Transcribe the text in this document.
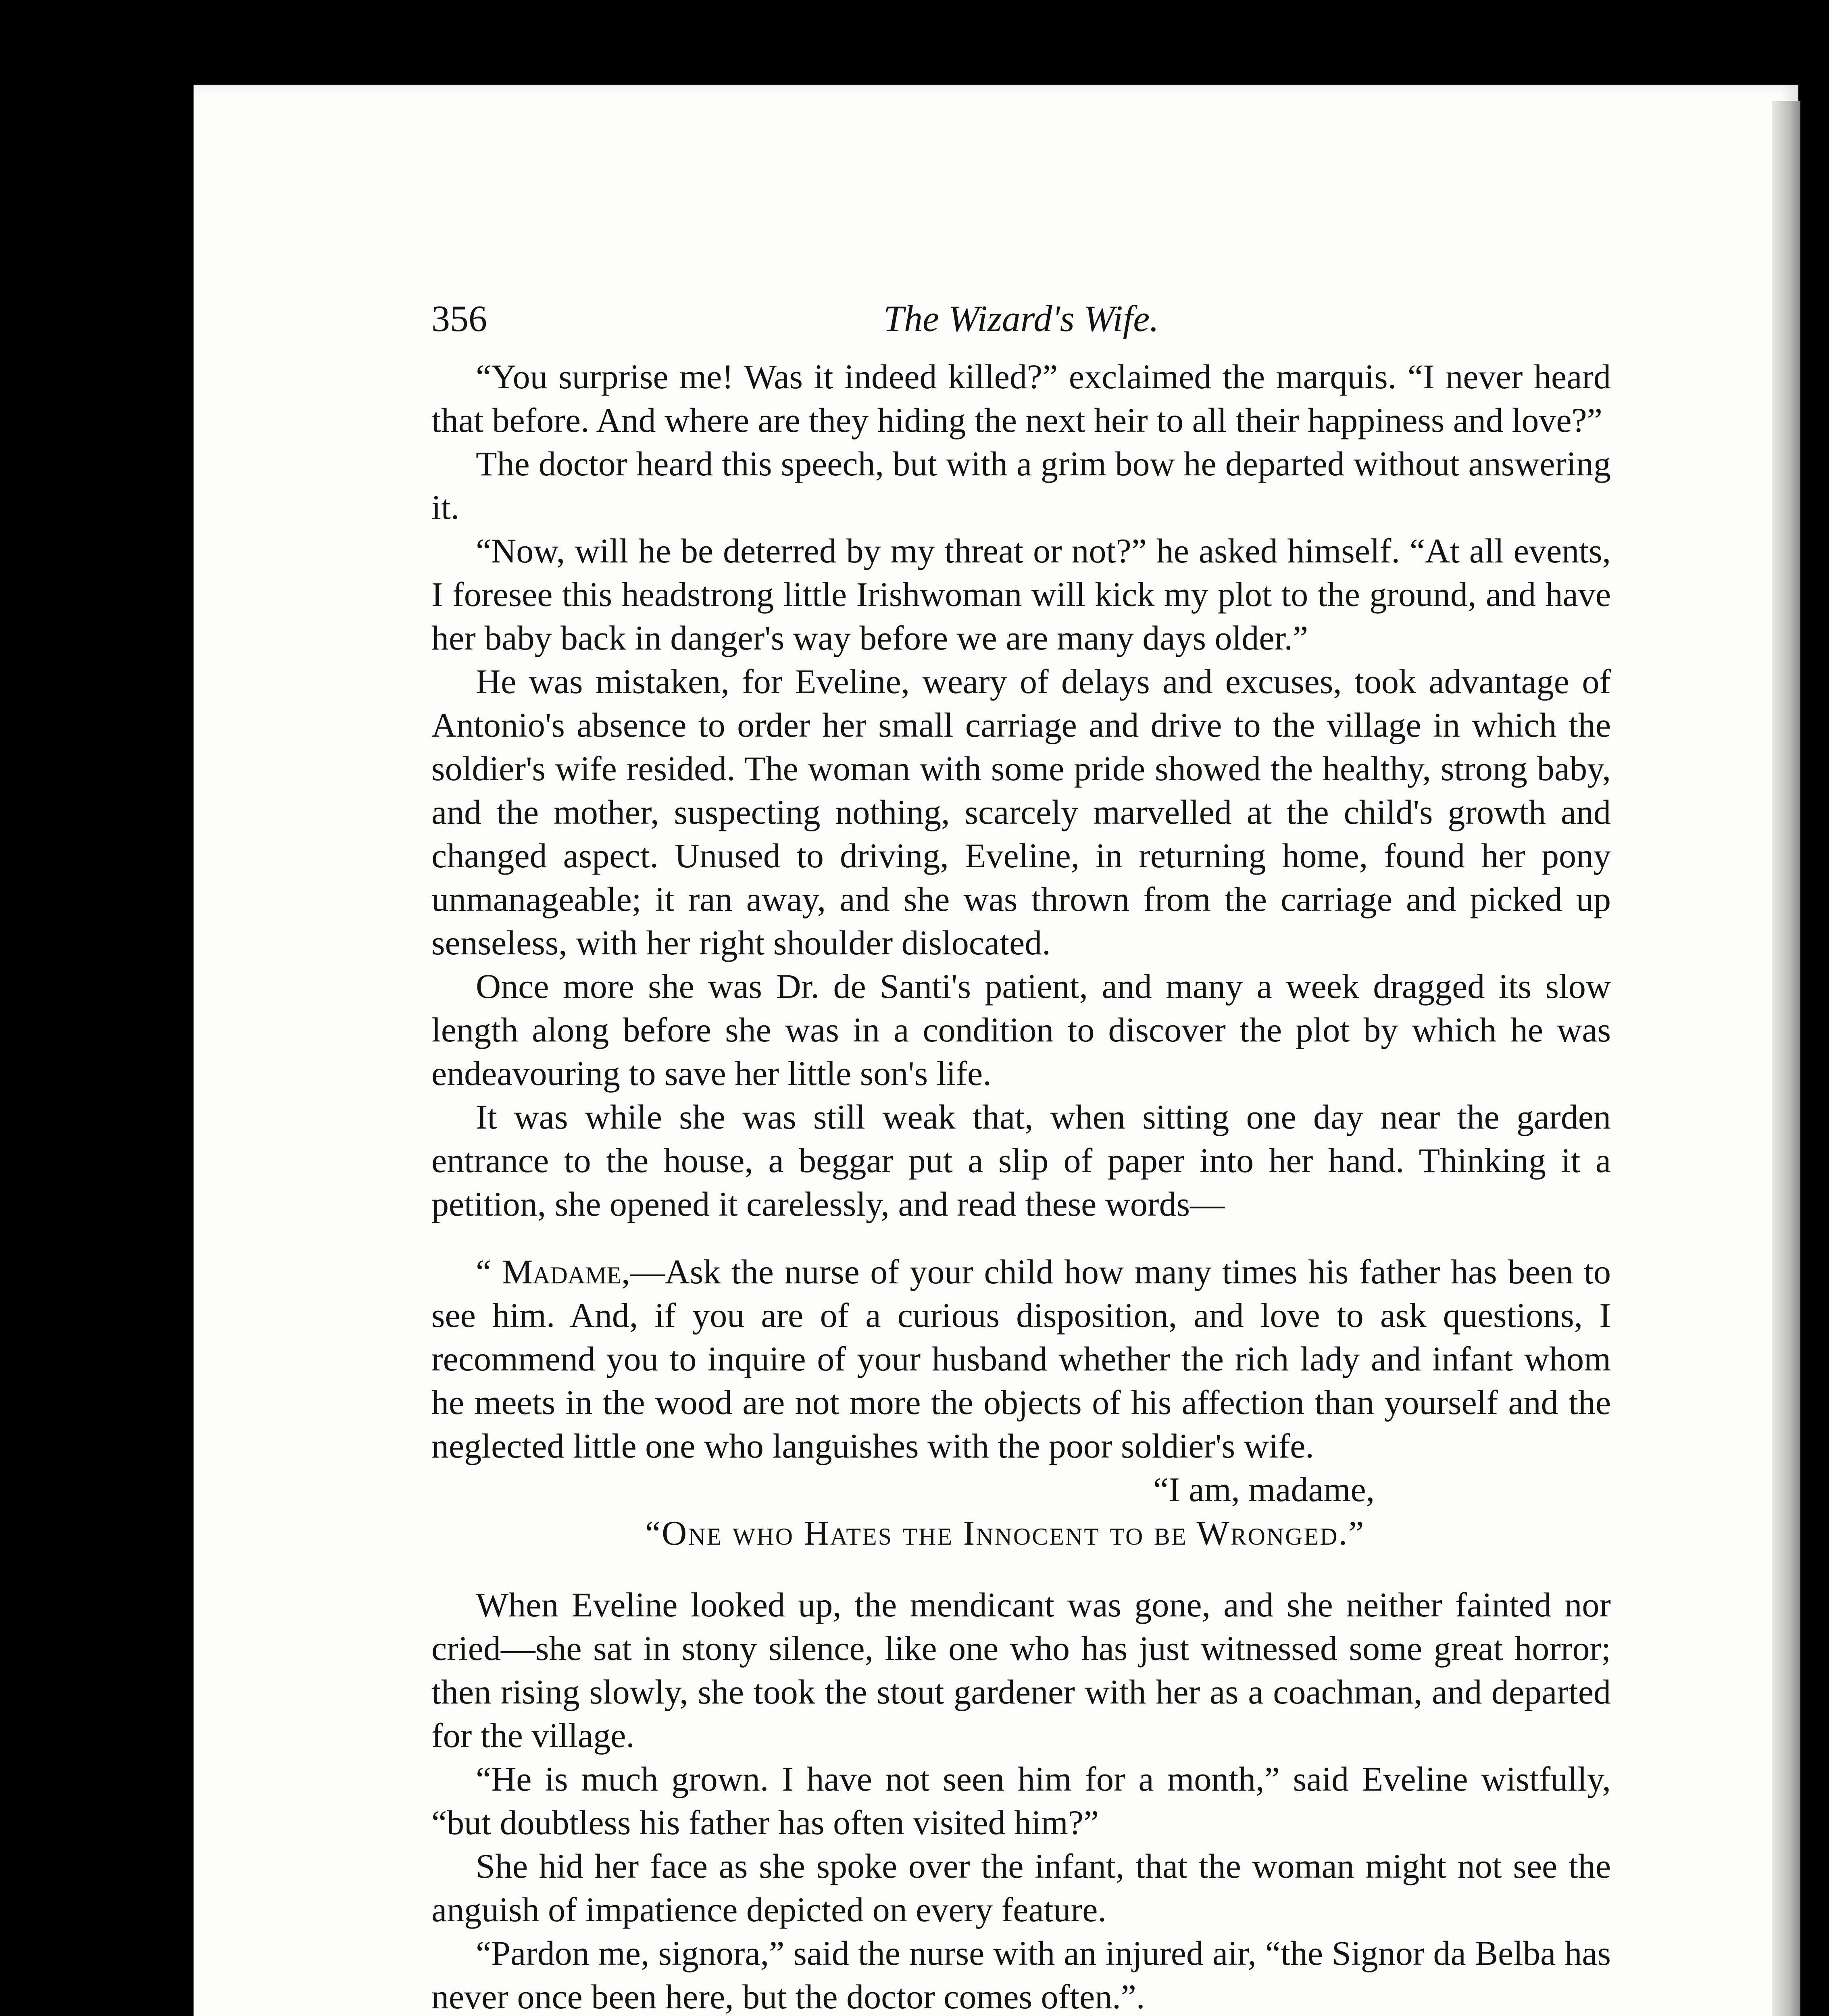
356	The Wizard's Wife.

“You surprise me! Was it indeed killed?” exclaimed the marquis. “I never heard that before. And where are they hiding the next heir to all their happiness and love?”

The doctor heard this speech, but with a grim bow he departed without answering it.

“Now, will he be deterred by my threat or not?” he asked himself. “At all events, I foresee this headstrong little Irishwoman will kick my plot to the ground, and have her baby back in danger's way before we are many days older.”

He was mistaken, for Eveline, weary of delays and excuses, took advantage of Antonio's absence to order her small carriage and drive to the village in which the soldier's wife resided. The woman with some pride showed the healthy, strong baby, and the mother, suspecting nothing, scarcely marvelled at the child's growth and changed aspect. Unused to driving, Eveline, in returning home, found her pony unmanageable; it ran away, and she was thrown from the carriage and picked up senseless, with her right shoulder dislocated.

Once more she was Dr. de Santi's patient, and many a week dragged its slow length along before she was in a condition to discover the plot by which he was endeavouring to save her little son's life.

It was while she was still weak that, when sitting one day near the garden entrance to the house, a beggar put a slip of paper into her hand. Thinking it a petition, she opened it carelessly, and read these words—

“ Madame,—Ask the nurse of your child how many times his father has been to see him. And, if you are of a curious disposition, and love to ask questions, I recommend you to inquire of your husband whether the rich lady and infant whom he meets in the wood are not more the objects of his affection than yourself and the neglected little one who languishes with the poor soldier's wife.

“I am, madame,

“One who Hates the Innocent to be Wronged.”

When Eveline looked up, the mendicant was gone, and she neither fainted nor cried—she sat in stony silence, like one who has just witnessed some great horror; then rising slowly, she took the stout gardener with her as a coachman, and departed for the village.

“He is much grown. I have not seen him for a month,” said Eveline wistfully, “but doubtless his father has often visited him?”

She hid her face as she spoke over the infant, that the woman might not see the anguish of impatience depicted on every feature.

“Pardon me, signora,” said the nurse with an injured air, “the Signor da Belba has never once been here, but the doctor comes often.”.
